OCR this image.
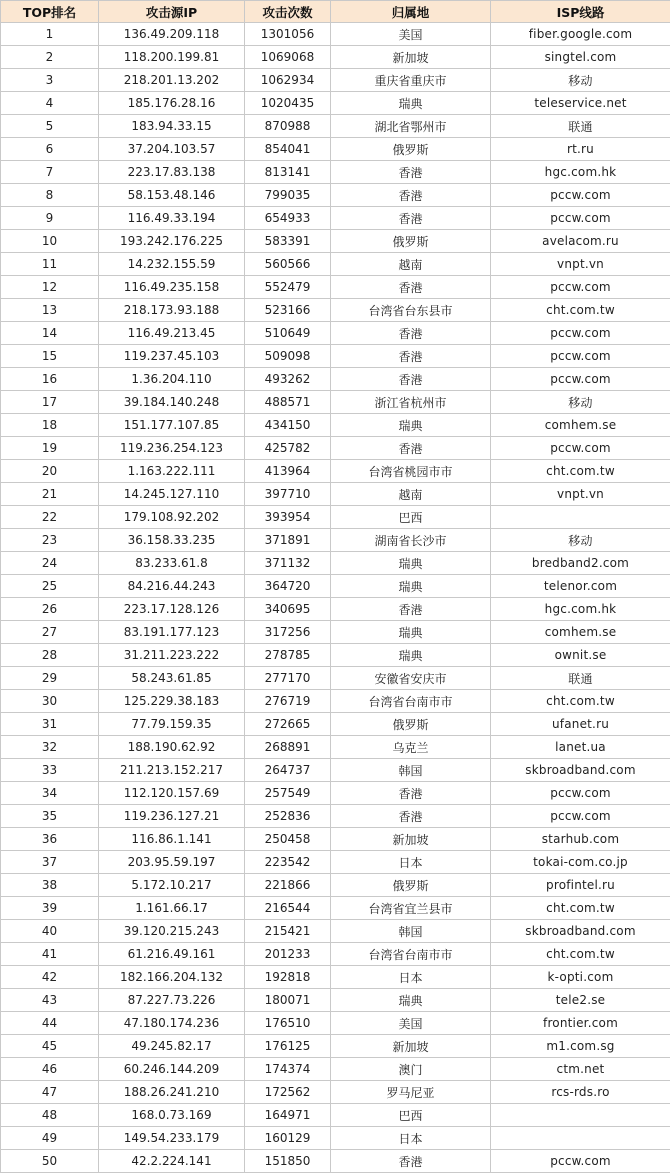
TOP排名	攻击源IP	攻击次数	归属地	ISP线路
1	136.49.209.118	1301056	美国	fiber.google.com
2	118.200.199.81	1069068	新加坡	singtel.com
3	218.201.13.202	1062934	重庆省重庆市	移动
4	185.176.28.16	1020435	瑞典	teleservice.net
5	183.94.33.15	870988	湖北省鄂州市	联通
6	37.204.103.57	854041	俄罗斯	rt.ru
7	223.17.83.138	813141	香港	hgc.com.hk
8	58.153.48.146	799035	香港	pccw.com
9	116.49.33.194	654933	香港	pccw.com
10	193.242.176.225	583391	俄罗斯	avelacom.ru
11	14.232.155.59	560566	越南	vnpt.vn
12	116.49.235.158	552479	香港	pccw.com
13	218.173.93.188	523166	台湾省台东县市	cht.com.tw
14	116.49.213.45	510649	香港	pccw.com
15	119.237.45.103	509098	香港	pccw.com
16	1.36.204.110	493262	香港	pccw.com
17	39.184.140.248	488571	浙江省杭州市	移动
18	151.177.107.85	434150	瑞典	comhem.se
19	119.236.254.123	425782	香港	pccw.com
20	1.163.222.111	413964	台湾省桃园市市	cht.com.tw
21	14.245.127.110	397710	越南	vnpt.vn
22	179.108.92.202	393954	巴西	
23	36.158.33.235	371891	湖南省长沙市	移动
24	83.233.61.8	371132	瑞典	bredband2.com
25	84.216.44.243	364720	瑞典	telenor.com
26	223.17.128.126	340695	香港	hgc.com.hk
27	83.191.177.123	317256	瑞典	comhem.se
28	31.211.223.222	278785	瑞典	ownit.se
29	58.243.61.85	277170	安徽省安庆市	联通
30	125.229.38.183	276719	台湾省台南市市	cht.com.tw
31	77.79.159.35	272665	俄罗斯	ufanet.ru
32	188.190.62.92	268891	乌克兰	lanet.ua
33	211.213.152.217	264737	韩国	skbroadband.com
34	112.120.157.69	257549	香港	pccw.com
35	119.236.127.21	252836	香港	pccw.com
36	116.86.1.141	250458	新加坡	starhub.com
37	203.95.59.197	223542	日本	tokai-com.co.jp
38	5.172.10.217	221866	俄罗斯	profintel.ru
39	1.161.66.17	216544	台湾省宜兰县市	cht.com.tw
40	39.120.215.243	215421	韩国	skbroadband.com
41	61.216.49.161	201233	台湾省台南市市	cht.com.tw
42	182.166.204.132	192818	日本	k-opti.com
43	87.227.73.226	180071	瑞典	tele2.se
44	47.180.174.236	176510	美国	frontier.com
45	49.245.82.17	176125	新加坡	m1.com.sg
46	60.246.144.209	174374	澳门	ctm.net
47	188.26.241.210	172562	罗马尼亚	rcs-rds.ro
48	168.0.73.169	164971	巴西	
49	149.54.233.179	160129	日本	
50	42.2.224.141	151850	香港	pccw.com
